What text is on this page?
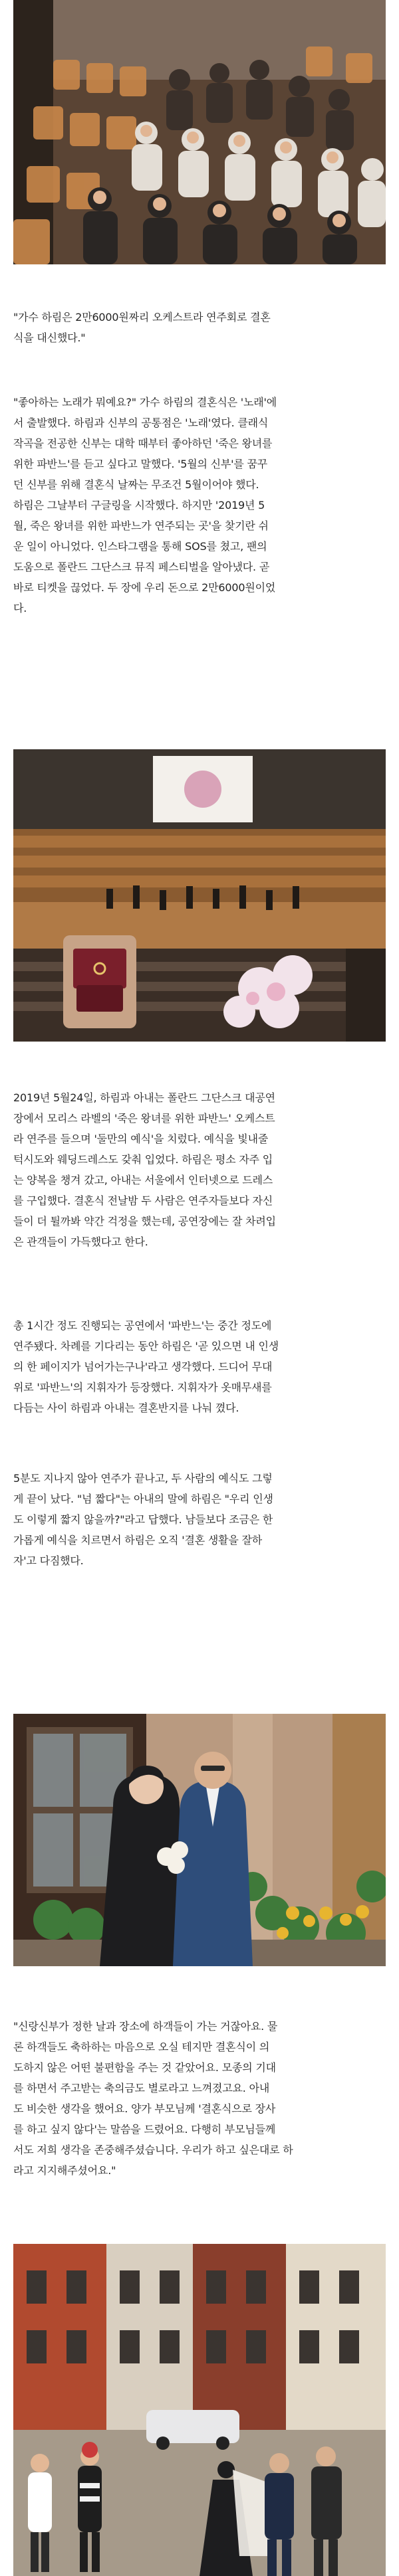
"가수 하림은 2만6000원짜리 오케스트라 연주회로 결혼
식을 대신했다."

"좋아하는 노래가 뭐예요?" 가수 하림의 결혼식은 '노래'에
서 출발했다. 하림과 신부의 공통점은 '노래'였다. 클래식
작곡을 전공한 신부는 대학 때부터 좋아하던 '죽은 왕녀를
위한 파반느'를 듣고 싶다고 말했다. '5월의 신부'를 꿈꾸
던 신부를 위해 결혼식 날짜는 무조건 5월이어야 했다.
하림은 그날부터 구글링을 시작했다. 하지만 '2019년 5
월, 죽은 왕녀를 위한 파반느가 연주되는 곳'을 찾기란 쉬
운 일이 아니었다. 인스타그램을 통해 SOS를 쳤고, 팬의
도움으로 폴란드 그단스크 뮤직 페스티벌을 알아냈다. 곧
바로 티켓을 끊었다. 두 장에 우리 돈으로 2만6000원이었
다.

2019년 5월24일, 하림과 아내는 폴란드 그단스크 대공연
장에서 모리스 라벨의 '죽은 왕녀를 위한 파반느' 오케스트
라 연주를 들으며 '둘만의 예식'을 치렀다. 예식을 빛내줄
턱시도와 웨딩드레스도 갖춰 입었다. 하림은 평소 자주 입
는 양복을 챙겨 갔고, 아내는 서울에서 인터넷으로 드레스
를 구입했다. 결혼식 전날밤 두 사람은 연주자들보다 자신
들이 더 튈까봐 약간 걱정을 했는데, 공연장에는 잘 차려입
은 관객들이 가득했다고 한다.

총 1시간 정도 진행되는 공연에서 '파반느'는 중간 정도에
연주됐다. 차례를 기다리는 동안 하림은 '곧 있으면 내 인생
의 한 페이지가 넘어가는구나'라고 생각했다. 드디어 무대
위로 '파반느'의 지휘자가 등장했다. 지휘자가 옷매무새를
다듬는 사이 하림과 아내는 결혼반지를 나눠 꼈다.

5분도 지나지 않아 연주가 끝나고, 두 사람의 예식도 그렇
게 끝이 났다. "넘 짧다"는 아내의 말에 하림은 "우리 인생
도 이렇게 짧지 않을까?"라고 답했다. 남들보다 조금은 한
가롭게 예식을 치르면서 하림은 오직 '결혼 생활을 잘하
자'고 다짐했다.

"신랑신부가 정한 날과 장소에 하객들이 가는 거잖아요. 물
론 하객들도 축하하는 마음으로 오실 테지만 결혼식이 의
도하지 않은 어떤 불편함을 주는 것 같았어요. 모종의 기대
를 하면서 주고받는 축의금도 별로라고 느껴졌고요. 아내
도 비슷한 생각을 했어요. 양가 부모님께 '결혼식으로 장사
를 하고 싶지 않다'는 말씀을 드렸어요. 다행히 부모님들께
서도 저희 생각을 존중해주셨습니다. 우리가 하고 싶은대로 하
라고 지지해주셨어요."
